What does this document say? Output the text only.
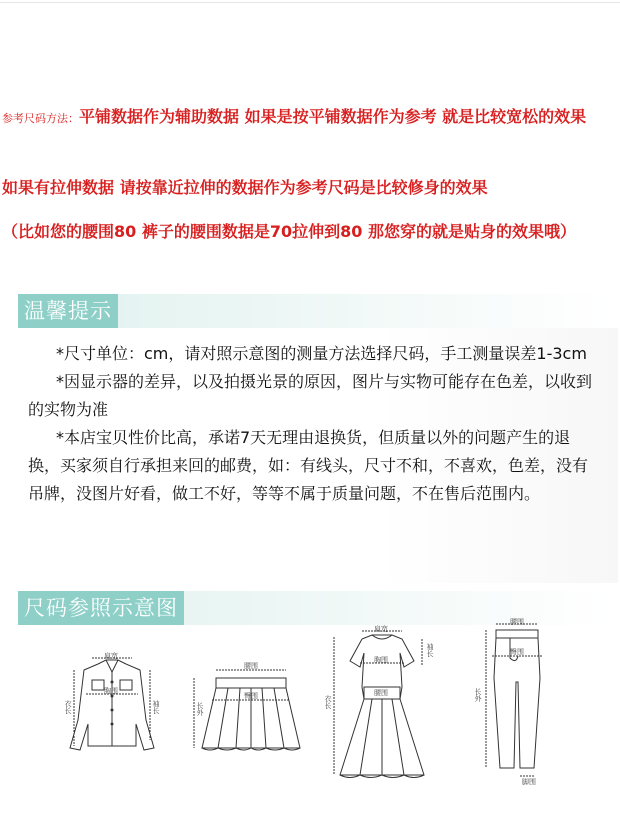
参考尺码方法：平铺数据作为辅助数据 如果是按平铺数据作为参考 就是比较宽松的效果

如果有拉伸数据 请按靠近拉伸的数据作为参考尺码是比较修身的效果

（比如您的腰围80 裤子的腰围数据是70拉伸到80 那您穿的就是贴身的效果哦）

温馨提示

*尺寸单位：cm，请对照示意图的测量方法选择尺码，手工测量误差1-3cm

*因显示器的差异，以及拍摄光景的原因，图片与实物可能存在色差，以收到的实物为准

*本店宝贝性价比高，承诺7天无理由退换货，但质量以外的问题产生的退换，买家须自行承担来回的邮费，如：有线头，尺寸不和，不喜欢，色差，没有吊牌，没图片好看，做工不好，等等不属于质量问题，不在售后范围内。

尺码参照示意图
肩宽
胸围
衣长	袖长
腰围
臀围
长外
肩宽
胸围
腰围
衣长
袖长
腰围
臀围
长外
脚围
